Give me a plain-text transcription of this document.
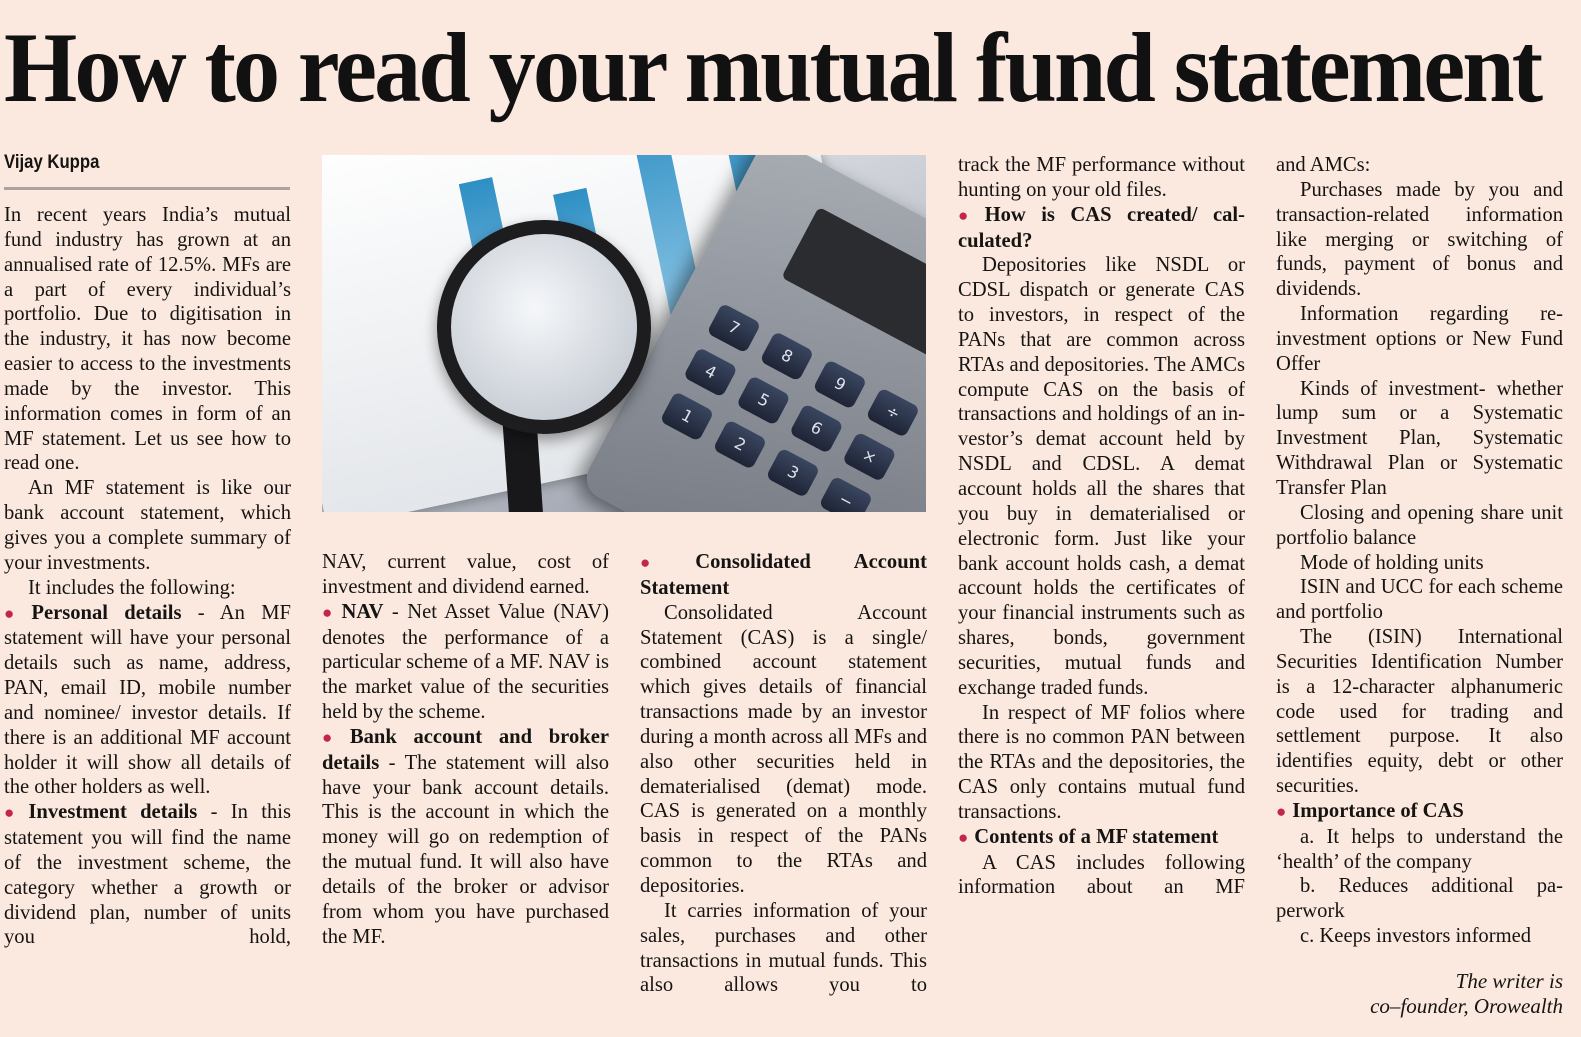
How to read your mutual fund statement
Vijay Kuppa
7
8
9
÷
4
5
6
×
1
2
3
−

In recent years India’s mutual fund industry has grown at an annualised rate of 12.5%. MFs are a part of every individual’s portfolio. Due to digitisation in the industry, it has now become easier to access to the investments made by the investor. This information comes in form of an MF statement. Let us see how to read one.

An MF statement is like our bank account statement, which gives you a complete summary of your investments.

It includes the following:

● Personal details - An MF statement will have your personal details such as name, address, PAN, email ID, mobile number and nominee/ investor details. If there is an additional MF account holder it will show all details of the other holders as well.

● Investment details - In this statement you will find the name of the investment scheme, the category whether a growth or dividend plan, number of units you hold,

NAV, current value, cost of investment and dividend earned.

● NAV - Net Asset Value (NAV) denotes the performance of a particular scheme of a MF. NAV is the market value of the securities held by the scheme.

● Bank account and broker details - The statement will also have your bank account details. This is the account in which the money will go on redemption of the mutual fund. It will also have details of the broker or advisor from whom you have purchased the MF.

● Consolidated Account Statement

Consolidated Account Statement (CAS) is a single/ combined account statement which gives details of financial transactions made by an investor during a month across all MFs and also other securities held in dematerialised (demat) mode. CAS is generated on a monthly basis in respect of the PANs common to the RTAs and depositories.

It carries information of your sales, purchases and other transactions in mutual funds. This also allows you to

track the MF performance without hunting on your old files.

● How is CAS created/ calculated?

Depositories like NSDL or CDSL dispatch or generate CAS to investors, in respect of the PANs that are common across RTAs and depositories. The AMCs compute CAS on the basis of transactions and holdings of an investor’s demat account held by NSDL and CDSL. A demat account holds all the shares that you buy in dematerialised or electronic form. Just like your bank account holds cash, a demat account holds the certificates of your financial instruments such as shares, bonds, government securities, mutual funds and exchange traded funds.

In respect of MF folios where there is no common PAN between the RTAs and the depositories, the CAS only contains mutual fund transactions.

● Contents of a MF statement

A CAS includes following information about an MF

and AMCs:

Purchases made by you and transaction-related information like merging or switching of funds, payment of bonus and dividends.

Information regarding reinvestment options or New Fund Offer

Kinds of investment- whether lump sum or a Systematic Investment Plan, Systematic Withdrawal Plan or Systematic Transfer Plan

Closing and opening share unit portfolio balance

Mode of holding units

ISIN and UCC for each scheme and portfolio

The (ISIN) International Securities Identification Number is a 12-character alphanumeric code used for trading and settlement purpose. It also identifies equity, debt or other securities.

● Importance of CAS

a. It helps to understand the ‘health’ of the company

b. Reduces additional paperwork

c. Keeps investors informed

The writer is
co–founder, Orowealth
